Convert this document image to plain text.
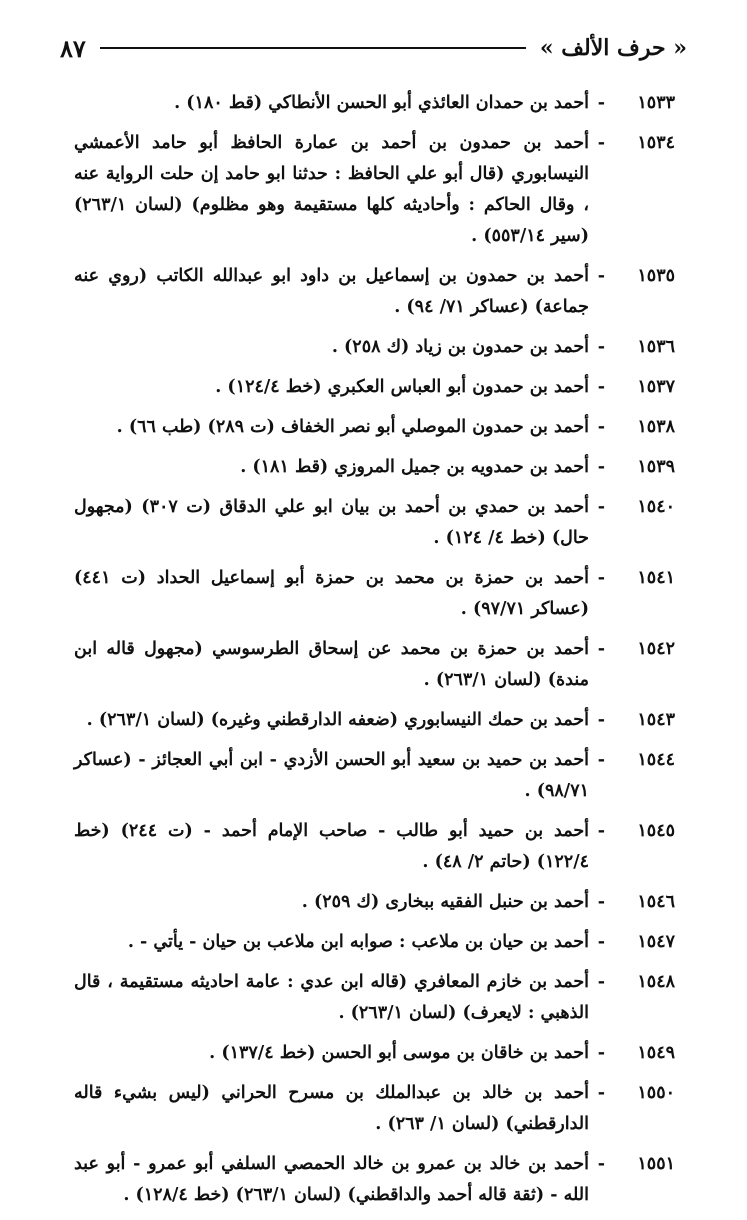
« حرف الألف »
٨٧

١٥٣٣-أحمد بن حمدان العائذي أبو الحسن الأنطاكي (قط ١٨٠) .

١٥٣٤-أحمد بن حمدون بن أحمد بن عمارة الحافظ أبو حامد الأعمشي النيسابوري (قال أبو علي الحافظ : حدثنا ابو حامد إن حلت الرواية عنه ، وقال الحاكم : وأحاديثه كلها مستقيمة وهو مظلوم) (لسان ٢٦٣/١) (سير ٥٥٣/١٤) .

١٥٣٥-أحمد بن حمدون بن إسماعيل بن داود ابو عبدالله الكاتب (روي عنه جماعة) (عساكر ٧١/ ٩٤) .

١٥٣٦-أحمد بن حمدون بن زياد (ك ٢٥٨) .

١٥٣٧-أحمد بن حمدون أبو العباس العكبري (خط ١٢٤/٤) .

١٥٣٨-أحمد بن حمدون الموصلي أبو نصر الخفاف (ت ٢٨٩) (طب ٦٦) .

١٥٣٩-أحمد بن حمدويه بن جميل المروزي (قط ١٨١) .

١٥٤٠-أحمد بن حمدي بن أحمد بن بيان ابو علي الدقاق (ت ٣٠٧) (مجهول حال) (خط ٤/ ١٢٤) .

١٥٤١-أحمد بن حمزة بن محمد بن حمزة أبو إسماعيل الحداد (ت ٤٤١) (عساكر ٩٧/٧١) .

١٥٤٢-أحمد بن حمزة بن محمد عن إسحاق الطرسوسي (مجهول قاله ابن مندة) (لسان ٢٦٣/١) .

١٥٤٣-أحمد بن حمك النيسابوري (ضعفه الدارقطني وغيره) (لسان ٢٦٣/١) .

١٥٤٤-أحمد بن حميد بن سعيد أبو الحسن الأزدي - ابن أبي العجائز - (عساكر ٩٨/٧١) .

١٥٤٥-أحمد بن حميد أبو طالب - صاحب الإمام أحمد - (ت ٢٤٤) (خط ١٢٢/٤) (حاتم ٢/ ٤٨) .

١٥٤٦-أحمد بن حنبل الفقيه ببخارى (ك ٢٥٩) .

١٥٤٧-أحمد بن حيان بن ملاعب : صوابه ابن ملاعب بن حيان - يأتي - .

١٥٤٨-أحمد بن خازم المعافري (قاله ابن عدي : عامة احاديثه مستقيمة ، قال الذهبي : لايعرف) (لسان ٢٦٣/١) .

١٥٤٩-أحمد بن خاقان بن موسى أبو الحسن (خط ١٣٧/٤) .

١٥٥٠-أحمد بن خالد بن عبدالملك بن مسرح الحراني (ليس بشيء قاله الدارقطني) (لسان ١/ ٢٦٣) .

١٥٥١-أحمد بن خالد بن عمرو بن خالد الحمصي السلفي أبو عمرو - أبو عبد الله - (ثقة قاله أحمد والداقطني) (لسان ٢٦٣/١) (خط ١٢٨/٤) .
